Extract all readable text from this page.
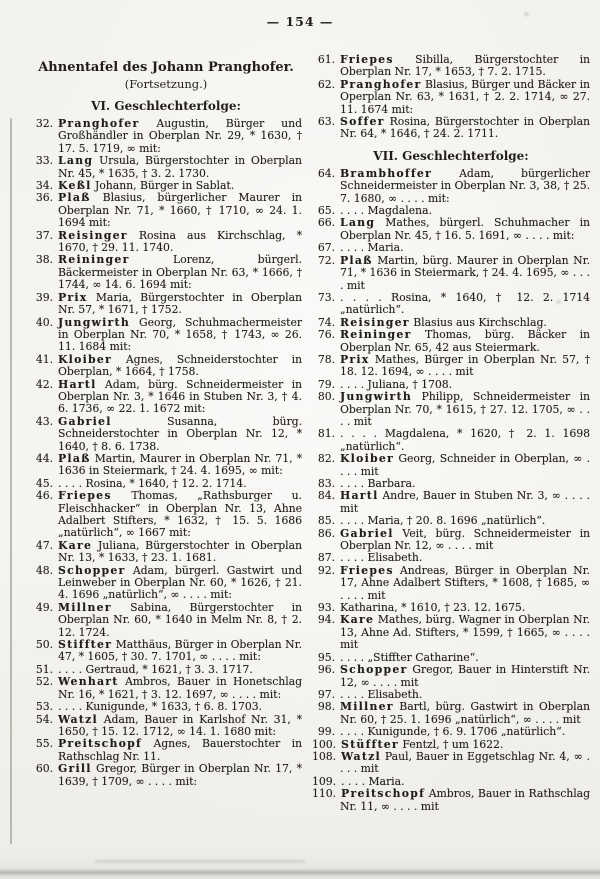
— 154 —
Ahnentafel des Johann Pranghofer.
(Fortsetzung.)
VI. Geschlechterfolge:
32. Pranghofer Augustin, Bürger und Großhändler in Oberplan Nr. 29, * 1630, † 17. 5. 1719, ∞ mit:
33. Lang Ursula, Bürgerstochter in Oberplan Nr. 45, * 1635, † 3. 2. 1730.
34. Keßl Johann, Bürger in Sablat.
36. Plaß Blasius, bürgerlicher Maurer in Oberplan Nr. 71, * 1660, † 1710, ∞ 24. 1. 1694 mit:
37. Reisinger Rosina aus Kirchschlag, * 1670, † 29. 11. 1740.
38. Reininger	Lorenz, bürgerl. Bäckermeister in Oberplan Nr. 63, * 1666, † 1744, ∞ 14. 6. 1694 mit:
39. Prix Maria, Bürgerstochter in Oberplan Nr. 57, * 1671, † 1752.
40. Jungwirth Georg, Schuhmachermeister in Oberplan Nr. 70, * 1658, † 1743, ∞ 26. 11. 1684 mit:
41. Kloiber Agnes, Schneiderstochter in Oberplan, * 1664, † 1758.
42. Hartl Adam, bürg. Schneidermeister in Oberplan Nr. 3, * 1646 in Stuben Nr. 3, † 4. 6. 1736, ∞ 22. 1. 1672 mit:
43. Gabriel	Susanna, bürg. Schneiderstochter in Oberplan Nr. 12, * 1640, † 8. 6. 1738.
44. Plaß Martin, Maurer in Oberplan Nr. 71, * 1636 in Steiermark, † 24. 4. 1695, ∞ mit:
45. . . . . Rosina, * 1640, † 12. 2. 1714.
46. Friepes Thomas, „Rathsburger u. Fleischhacker“ in Oberplan Nr. 13, Ahne Adalbert Stifters, * 1632, † 15. 5. 1686 „natürlich“, ∞ 1667 mit:
47. Kare Juliana, Bürgerstochter in Oberplan Nr. 13, * 1633, † 23. 1. 1681.
48. Schopper Adam, bürgerl. Gastwirt und Leinweber in Oberplan Nr. 60, * 1626, † 21. 4. 1696 „natürlich“, ∞ . . . . mit:
49. Millner Sabina, Bürgerstochter in Oberplan Nr. 60, * 1640 in Melm Nr. 8, † 2. 12. 1724.
50. Stiffter Matthäus, Bürger in Oberplan Nr. 47, * 1605, † 30. 7. 1701, ∞ . . . . mit:
51. . . . . Gertraud, * 1621, † 3. 3. 1717.
52. Wenhart Ambros, Bauer in Honetschlag Nr. 16, * 1621, † 3. 12. 1697, ∞ . . . . mit:
53. . . . . Kunigunde, * 1633, † 6. 8. 1703.
54. Watzl Adam, Bauer in Karlshof Nr. 31, * 1650, † 15. 12. 1712, ∞ 14. 1. 1680 mit:
55. Preitschopf Agnes, Bauerstochter in Rathschlag Nr. 11.
60. Grill Gregor, Bürger in Oberplan Nr. 17, * 1639, † 1709, ∞ . . . . mit:
61. Friepes Sibilla, Bürgerstochter in Oberplan Nr. 17, * 1653, † 7. 2. 1715.
62. Pranghofer Blasius, Bürger und Bäcker in Operplan Nr. 63, * 1631, † 2. 2. 1714, ∞ 27. 11. 1674 mit:
63. Soffer Rosina, Bürgerstochter in Oberplan Nr. 64, * 1646, † 24. 2. 1711.
VII. Geschlechterfolge:
64. Brambhoffer	Adam, bürgerlicher Schneidermeister in Oberplan Nr. 3, 38, † 25. 7. 1680, ∞ . . . . mit:
65. . . . . Magdalena.
66. Lang Mathes, bürgerl. Schuhmacher in Oberplan Nr. 45, † 16. 5. 1691, ∞ . . . . mit:
67. . . . . Maria.
72. Plaß Martin, bürg. Maurer in Oberplan Nr. 71, * 1636 in Steiermark, † 24. 4. 1695, ∞ . . . . mit
73. . . . . Rosina, * 1640, † 12. 2. 1714 „natürlich“.
74. Reisinger Blasius aus Kirchschlag.
76. Reininger Thomas, bürg. Bäcker in Oberplan Nr. 65, 42 aus Steiermark.
78. Prix Mathes, Bürger in Oberplan Nr. 57, † 18. 12. 1694, ∞ . . . . mit
79. . . . . Juliana, † 1708.
80. Jungwirth Philipp, Schneidermeister in Oberplan Nr. 70, * 1615, † 27. 12. 1705, ∞ . . . . mit
81. . . . . Magdalena, * 1620, † 2. 1. 1698 „natürlich“.
82. Kloiber Georg, Schneider in Oberplan, ∞ . . . . mit
83. . . . . Barbara.
84. Hartl Andre, Bauer in Stuben Nr. 3, ∞ . . . . mit
85. . . . . Maria, † 20. 8. 1696 „natürlich“.
86. Gabriel Veit, bürg. Schneidermeister in Oberplan Nr. 12, ∞ . . . . mit
87. . . . . Elisabeth.
92. Friepes Andreas, Bürger in Oberplan Nr. 17, Ahne Adalbert Stifters, * 1608, † 1685, ∞ . . . . mit
93. Katharina, * 1610, † 23. 12. 1675.
94. Kare Mathes, bürg. Wagner in Oberplan Nr. 13, Ahne Ad. Stifters, * 1599, † 1665, ∞ . . . . mit
95. . . . . „Stiffter Catharine“.
96. Schopper Gregor, Bauer in Hinterstift Nr. 12, ∞ . . . . mit
97. . . . . Elisabeth.
98. Millner Bartl, bürg. Gastwirt in Oberplan Nr. 60, † 25. 1. 1696 „natürlich“, ∞ . . . . mit
99. . . . . Kunigunde, † 6. 9. 1706 „natürlich“.
100. Stüffter Fentzl, † um 1622.
108. Watzl Paul, Bauer in Eggetschlag Nr. 4, ∞ . . . . mit
109. . . . . Maria.
110. Preitschopf Ambros, Bauer in Rathschlag Nr. 11, ∞ . . . . mit
